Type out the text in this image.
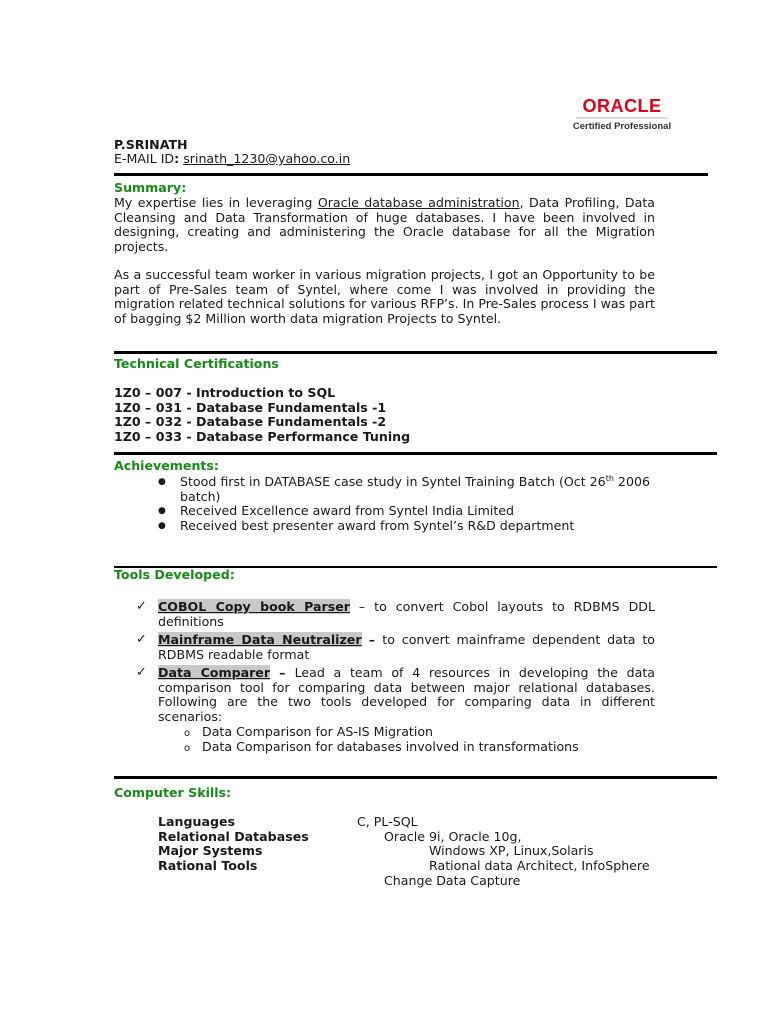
ORACLE
Certified Professional
P.SRINATH
E-MAIL ID: srinath_1230@yahoo.co.in
Summary:

My expertise lies in leveraging Oracle database administration, Data Profiling, Data Cleansing and Data Transformation of huge databases. I have been involved in designing, creating and administering the Oracle database for all the Migration projects.

As a successful team worker in various migration projects, I got an Opportunity to be part of Pre-Sales team of Syntel, where come I was involved in providing the migration related technical solutions for various RFP’s. In Pre-Sales process I was part of bagging $2 Million worth data migration Projects to Syntel.
Technical Certifications
1Z0 – 007 - Introduction to SQL
1Z0 – 031 - Database Fundamentals -1
1Z0 – 032 - Database Fundamentals -2
1Z0 – 033 - Database Performance Tuning
Achievements:
● Stood first in DATABASE case study in Syntel Training Batch (Oct 26th 2006 batch)
● Received Excellence award from Syntel India Limited
● Received best presenter award from Syntel’s R&D department
Tools Developed:
✓ COBOL Copy book Parser – to convert Cobol layouts to RDBMS DDL definitions
✓ Mainframe Data Neutralizer – to convert mainframe dependent data to RDBMS readable format
✓ Data Comparer – Lead a team of 4 resources in developing the data comparison tool for comparing data between major relational databases. Following are the two tools developed for comparing data in different scenarios:
o Data Comparison for AS-IS Migration
o Data Comparison for databases involved in transformations
Computer Skills:
Languages	C, PL-SQL
Relational Databases	Oracle 9i, Oracle 10g,
Major Systems	Windows XP, Linux,Solaris
Rational Tools	Rational data Architect, InfoSphere
Change Data Capture
